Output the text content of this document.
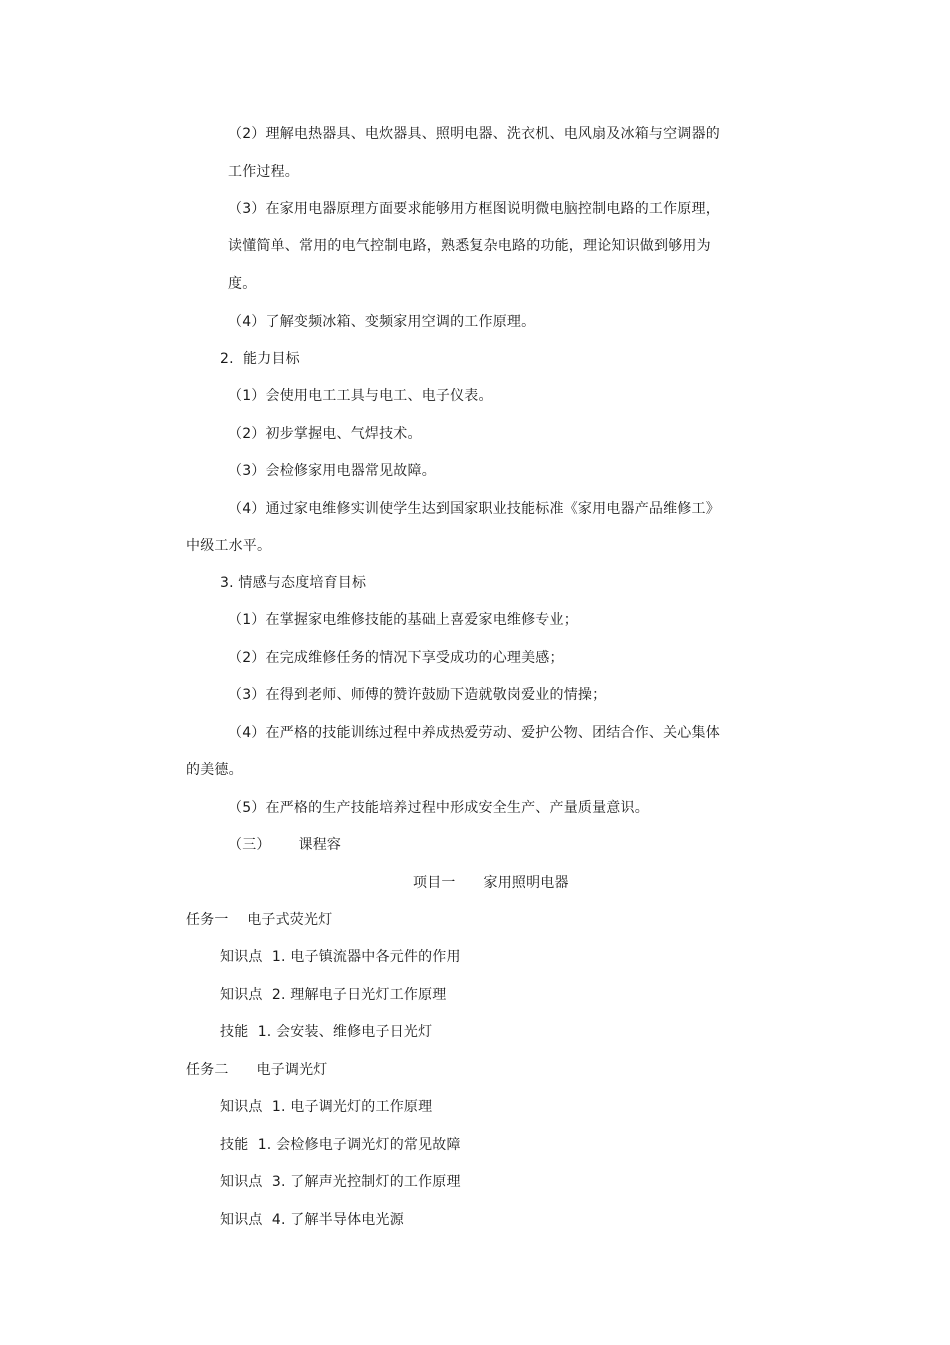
（2）理解电热器具、电炊器具、照明电器、洗衣机、电风扇及冰箱与空调器的
工作过程。
（3）在家用电器原理方面要求能够用方框图说明微电脑控制电路的工作原理，
读懂简单、常用的电气控制电路，熟悉复杂电路的功能，理论知识做到够用为
度。
（4）了解变频冰箱、变频家用空调的工作原理。
2.  能力目标
（1）会使用电工工具与电工、电子仪表。
（2）初步掌握电、气焊技术。
（3）会检修家用电器常见故障。
（4）通过家电维修实训使学生达到国家职业技能标准《家用电器产品维修工》
中级工水平。
3. 情感与态度培育目标
（1）在掌握家电维修技能的基础上喜爱家电维修专业；
（2）在完成维修任务的情况下享受成功的心理美感；
（3）在得到老师、师傅的赞许鼓励下造就敬岗爱业的情操；
（4）在严格的技能训练过程中养成热爱劳动、爱护公物、团结合作、关心集体
的美德。
（5）在严格的生产技能培养过程中形成安全生产、产量质量意识。
（三）      课程容
项目一      家用照明电器
任务一    电子式荧光灯
知识点  1. 电子镇流器中各元件的作用
知识点  2. 理解电子日光灯工作原理
技能  1. 会安装、维修电子日光灯
任务二      电子调光灯
知识点  1. 电子调光灯的工作原理
技能  1. 会检修电子调光灯的常见故障
知识点  3. 了解声光控制灯的工作原理
知识点  4. 了解半导体电光源
